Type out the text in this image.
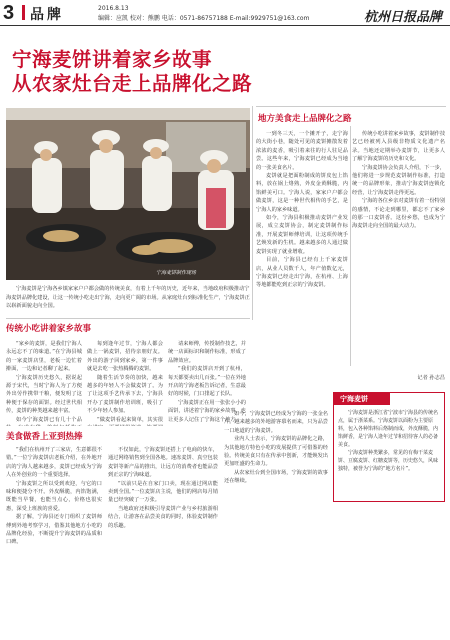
3 品牌	2016.8.13
编辑：应凯 校对：熊鹏 电话：0571-86757188 E-mail:9929751@163.com	杭州日报品牌
宁海麦饼讲着家乡故事
从农家灶台走上品牌化之路
宁海麦饼制作现场
宁海麦饼是宁海各乡镇家家户户都会做的传统美食，有着上千年的历史，近年来，当地政府积极推动宁海麦饼品牌化建设，让这一传统小吃走出宁海，走向更广阔的市场。从家庭灶台到标准化生产，宁海麦饼正以崭新面貌走向全国。
地方美食走上品牌化之路

一到冬三天，一个摊开子，走宁海的大街小巷，随处可见的麦饼摊散发着浓浓的麦香，吸引着来往的行人驻足品尝。这些年来，宁海麦饼已经成为当地的一张美食名片。

麦饼就是把面粉制成的饼皮包上馅料，放在锅上烙熟，外皮金黄酥脆，内馅鲜美可口。宁海人说，家家户户都会做麦饼，这是一种世代相传的手艺，是宁海人的家乡味道。

如今，宁海县积极推动麦饼产业发展，成立麦饼协会，制定麦饼制作标准，开展麦饼师傅培训，让这项传统手艺焕发新的生机。越来越多的人通过做麦饼实现了就业增收。

目前，宁海县已经有上千家麦饼店，从业人员数千人，年产值数亿元，宁海麦饼已经走出宁海，在杭州、上海等地都能吃到正宗的宁海麦饼。

传统小吃讲着家乡故事，麦饼制作技艺已经被列入县级非物质文化遗产名录。当地还定期举办麦饼节，让更多人了解宁海麦饼的历史和文化。

宁海麦饼协会负责人介绍，下一步，他们将进一步规范麦饼制作标准，打造统一的品牌形象，推动宁海麦饼连锁化经营，让宁海麦饼走得更远。

宁海的各位乡亲对麦饼有着一份特别的感情，不论走到哪里，都忘不了家乡的那一口麦饼香。这份乡愁，也成为宁海麦饼走向全国的最大动力。

记者 孙志昌
传统小吃讲着家乡故事

“家乡的麦饼，是我们宁海人永远忘不了的味道。”在宁海县城的一家麦饼店里，老板一边忙着擀面，一边和记者聊了起来。

宁海麦饼历史悠久，据说起源于宋代，当时宁海人为了方便外出劳作携带干粮，便发明了这种便于保存的面饼。经过世代相传，麦饼的种类越来越丰富。

如今宁海麦饼已有几十个品

每到逢年过节，宁海人都会做上一锅麦饼，招待亲朋好友。外出的游子回到家乡，第一件事就是去吃一张热腾腾的麦饼。

随着生活节奏的加快，越来越多的年轻人不会做麦饼了。为了让这项手艺传承下去，宁海县开办了麦饼制作培训班，吸引了不少年轻人参加。

“做麦饼看起来简单，其实很

请来师傅，传授制作技艺，并统一店面标识和制作标准，形成了品牌效应。

“我们的麦饼店开到了杭州，每天都要卖出几百张。”一位在外地开店的宁海老板告诉记者，生意最好的时候，门口排起了长队。

宁海麦饼正在用一张张小小的面饼，讲述着宁海的家乡故事，也让更多人记住了宁海这个地方。

美食做香上亚到热捧

“我们在杭州开了三家店，生意都很不错。”一位宁海麦饼店老板介绍，在外地开店的宁海人越来越多，麦饼已经成为宁海人在外创业的一个重要选择。

宁海麦饼之所以受到欢迎，与它的口味和便捷分不开。外皮酥脆，内馅饱满，既能当早餐，也能当点心，价格也很实惠，深受上班族的喜爱。

据了解，宁海县还专门组织了麦饼师傅到外地考察学习，借鉴其他地方小吃的品牌化经验，不断提升宁海麦饼的品质和口碑。

不仅如此，宁海麦饼还搭上了电商的快车，通过网络销售到全国各地。速冻麦饼、真空包装麦饼等新产品的推出，让远方的消费者也能品尝到正宗的宁海味道。

“以前只是在自家门口卖，现在通过网店能卖到全国。”一位麦饼店主说，他们的网店每月销量已经突破了一万张。

当地政府还积极引导麦饼产业与乡村旅游相结合，让游客在品尝美食的同时，体验麦饼制作的乐趣。

如今，宁海麦饼已经成为宁海的一张金名片。越来越多的外地游客慕名而来，只为品尝一口地道的宁海麦饼。

业内人士表示，宁海麦饼的品牌化之路，为其他地方特色小吃的发展提供了可借鉴的经验。传统美食只有在传承中创新，才能焕发出更加旺盛的生命力。

从农家灶台到全国市场，宁海麦饼的故事还在继续。

宁海麦饼

宁海麦饼是浙江省宁波市宁海县的传统名点，属于浙菜系。宁海麦饼以面粉为主要原料，包入各种馅料后烙制而成，外皮酥脆，内馅鲜香，是宁海人逢年过节和招待客人的必备美食。

宁海麦饼种类繁多，常见的有梅干菜麦饼、豆腐麦饼、红糖麦饼等，历史悠久，风味独特，被誉为宁海的“地方名片”。
